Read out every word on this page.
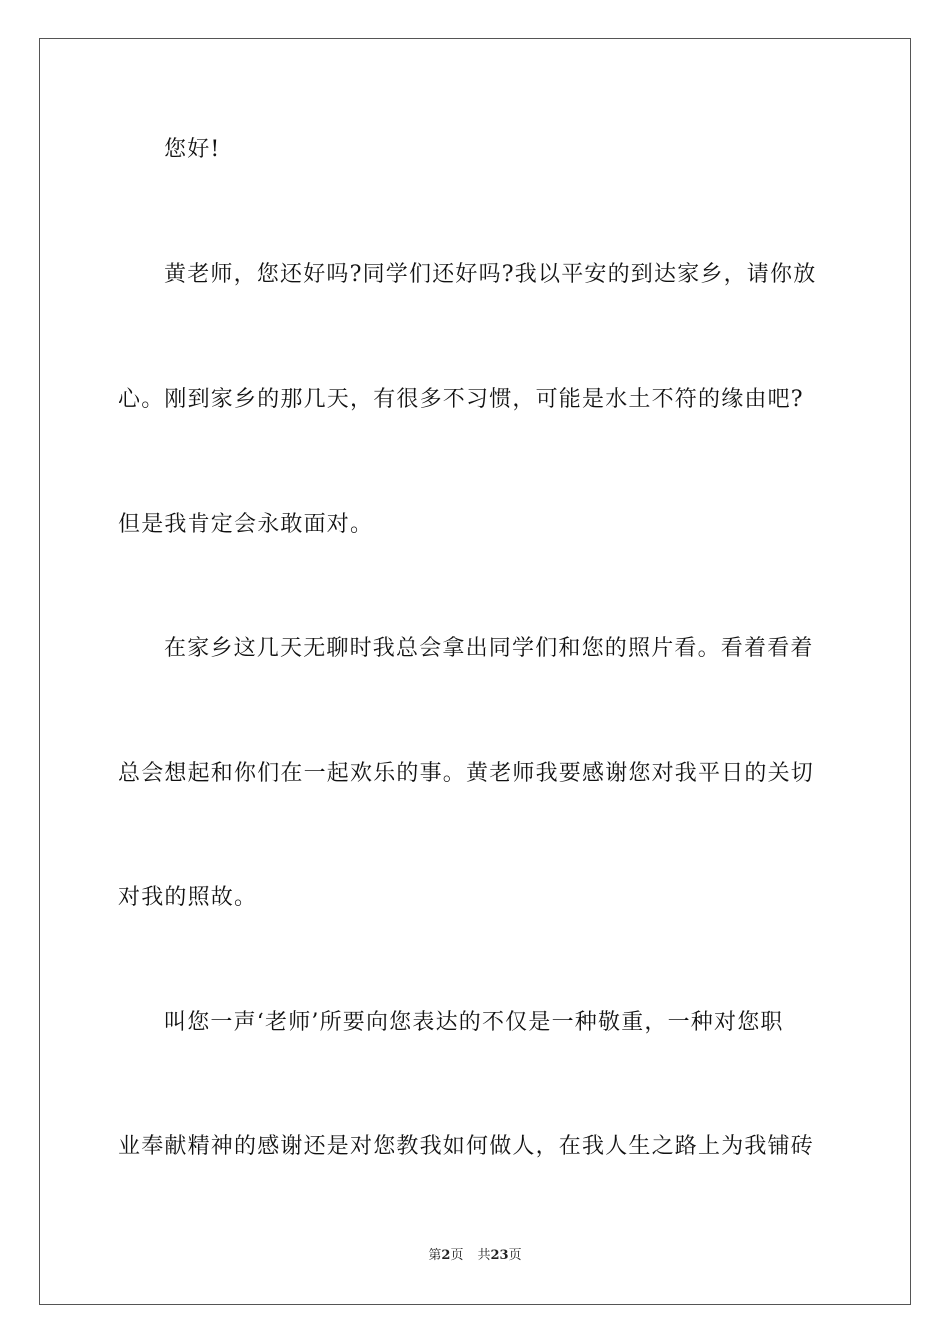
您好!

黄老师，您还好吗?同学们还好吗?我以平安的到达家乡，请你放

心。刚到家乡的那几天，有很多不习惯，可能是水土不符的缘由吧?

但是我肯定会永敢面对。

在家乡这几天无聊时我总会拿出同学们和您的照片看。看着看着

总会想起和你们在一起欢乐的事。黄老师我要感谢您对我平日的关切

对我的照故。

叫您一声‘老师’所要向您表达的不仅是一种敬重，一种对您职

业奉献精神的感谢还是对您教我如何做人，在我人生之路上为我铺砖

第2页 共23页
